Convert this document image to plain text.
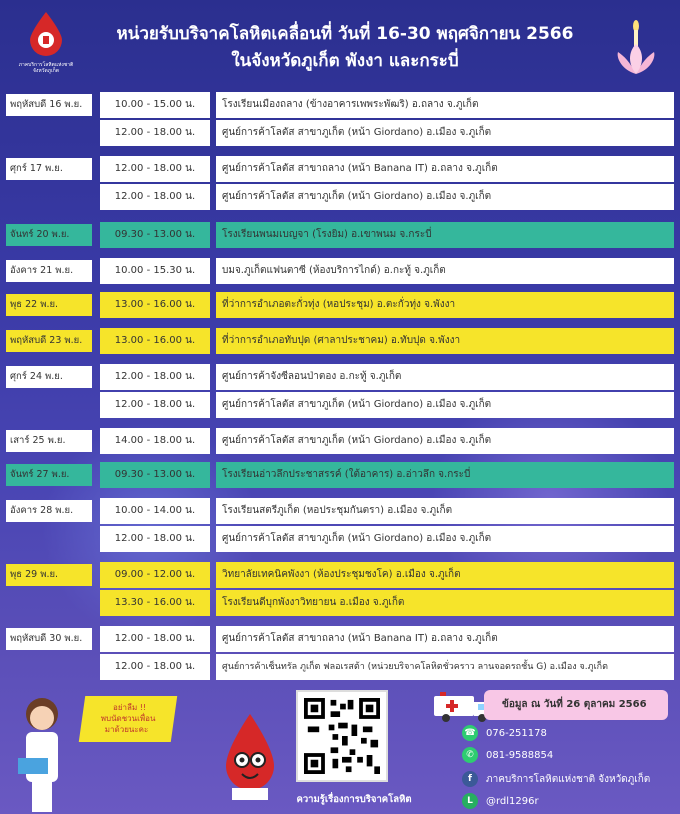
ภาคบริการโลหิตแห่งชาติ จังหวัดภูเก็ต
หน่วยรับบริจาคโลหิตเคลื่อนที่ วันที่ 16-30 พฤศจิกายน 2566
ในจังหวัดภูเก็ต พังงา และกระบี่
พฤหัสบดี 16 พ.ย.	10.00 - 15.00 น.	โรงเรียนเมืองถลาง (ข้างอาคารเพพระพัฒริ) อ.ถลาง จ.ภูเก็ต
12.00 - 18.00 น.	ศูนย์การค้าโลตัส สาขาภูเก็ต (หน้า Giordano) อ.เมือง จ.ภูเก็ต
ศุกร์ 17 พ.ย.	12.00 - 18.00 น.	ศูนย์การค้าโลตัส สาขาถลาง (หน้า Banana IT) อ.ถลาง จ.ภูเก็ต
12.00 - 18.00 น.	ศูนย์การค้าโลตัส สาขาภูเก็ต (หน้า Giordano) อ.เมือง จ.ภูเก็ต
จันทร์ 20 พ.ย.	09.30 - 13.00 น.	โรงเรียนพนมเบญจา (โรงยิม) อ.เขาพนม จ.กระบี่
อังคาร 21 พ.ย.	10.00 - 15.30 น.	บมจ.ภูเก็ตแฟนตาซี (ห้องบริการไกด์) อ.กะทู้ จ.ภูเก็ต
พุธ 22 พ.ย.	13.00 - 16.00 น.	ที่ว่าการอำเภอตะกั่วทุ่ง (หอประชุม) อ.ตะกั่วทุ่ง จ.พังงา
พฤหัสบดี 23 พ.ย.	13.00 - 16.00 น.	ที่ว่าการอำเภอทับปุด (ศาลาประชาคม) อ.ทับปุด จ.พังงา
ศุกร์ 24 พ.ย.	12.00 - 18.00 น.	ศูนย์การค้าจังซีลอนป่าตอง อ.กะทู้ จ.ภูเก็ต
12.00 - 18.00 น.	ศูนย์การค้าโลตัส สาขาภูเก็ต (หน้า Giordano) อ.เมือง จ.ภูเก็ต
เสาร์ 25 พ.ย.	14.00 - 18.00 น.	ศูนย์การค้าโลตัส สาขาภูเก็ต (หน้า Giordano) อ.เมือง จ.ภูเก็ต
จันทร์ 27 พ.ย.	09.30 - 13.00 น.	โรงเรียนอ่าวลึกประชาสรรค์ (ใต้อาคาร) อ.อ่าวลึก จ.กระบี่
อังคาร 28 พ.ย.	10.00 - 14.00 น.	โรงเรียนสตรีภูเก็ต (หอประชุมกันตรา) อ.เมือง จ.ภูเก็ต
12.00 - 18.00 น.	ศูนย์การค้าโลตัส สาขาภูเก็ต (หน้า Giordano) อ.เมือง จ.ภูเก็ต
พุธ 29 พ.ย.	09.00 - 12.00 น.	วิทยาลัยเทคนิคพังงา (ห้องประชุมชงโค) อ.เมือง จ.ภูเก็ต
13.30 - 16.00 น.	โรงเรียนดีบุกพังงาวิทยายน อ.เมือง จ.ภูเก็ต
พฤหัสบดี 30 พ.ย.	12.00 - 18.00 น.	ศูนย์การค้าโลตัส สาขาถลาง (หน้า Banana IT) อ.ถลาง จ.ภูเก็ต
12.00 - 18.00 น.	ศูนย์การค้าเซ็นทรัล ภูเก็ต ฟลอเรสต้า (หน่วยบริจาคโลหิตชั่วคราว ลานจอดรถชั้น G) อ.เมือง จ.ภูเก็ต
อย่าลืม !!
พบนัดชวนเพื่อน
มาด้วยนะคะ
ความรู้เรื่องการบริจาคโลหิต
ข้อมูล ณ วันที่ 26 ตุลาคม 2566
☎ 076-251178
✆ 081-9588854
f ภาคบริการโลหิตแห่งชาติ จังหวัดภูเก็ต
L @rdl1296r
